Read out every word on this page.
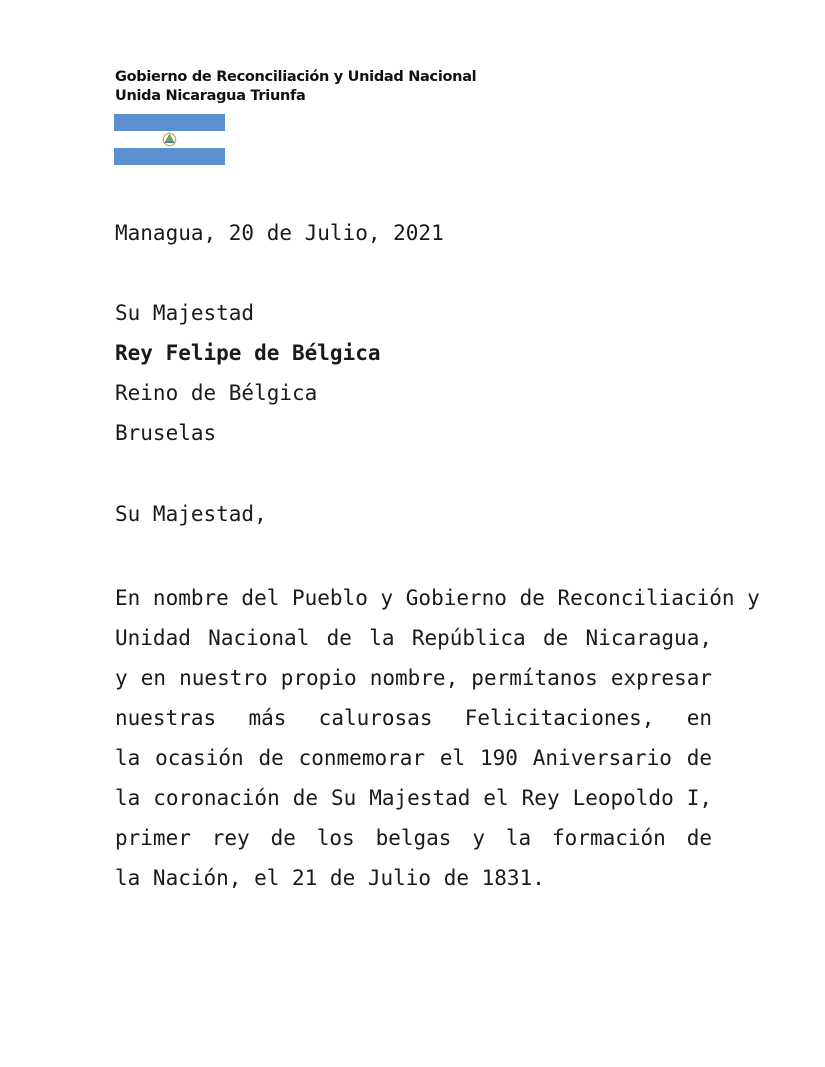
Gobierno de Reconciliación y Unidad Nacional
Unida Nicaragua Triunfa
Managua, 20 de Julio, 2021
Su Majestad
Rey Felipe de Bélgica
Reino de Bélgica
Bruselas
Su Majestad,
En nombre del Pueblo y Gobierno de Reconciliación y
Unidad Nacional de la República de Nicaragua,
y en nuestro propio nombre, permítanos expresar
nuestras más calurosas Felicitaciones, en
la ocasión de conmemorar el 190 Aniversario de
la coronación de Su Majestad el Rey Leopoldo I,
primer rey de los belgas y la formación de
la Nación, el 21 de Julio de 1831.
